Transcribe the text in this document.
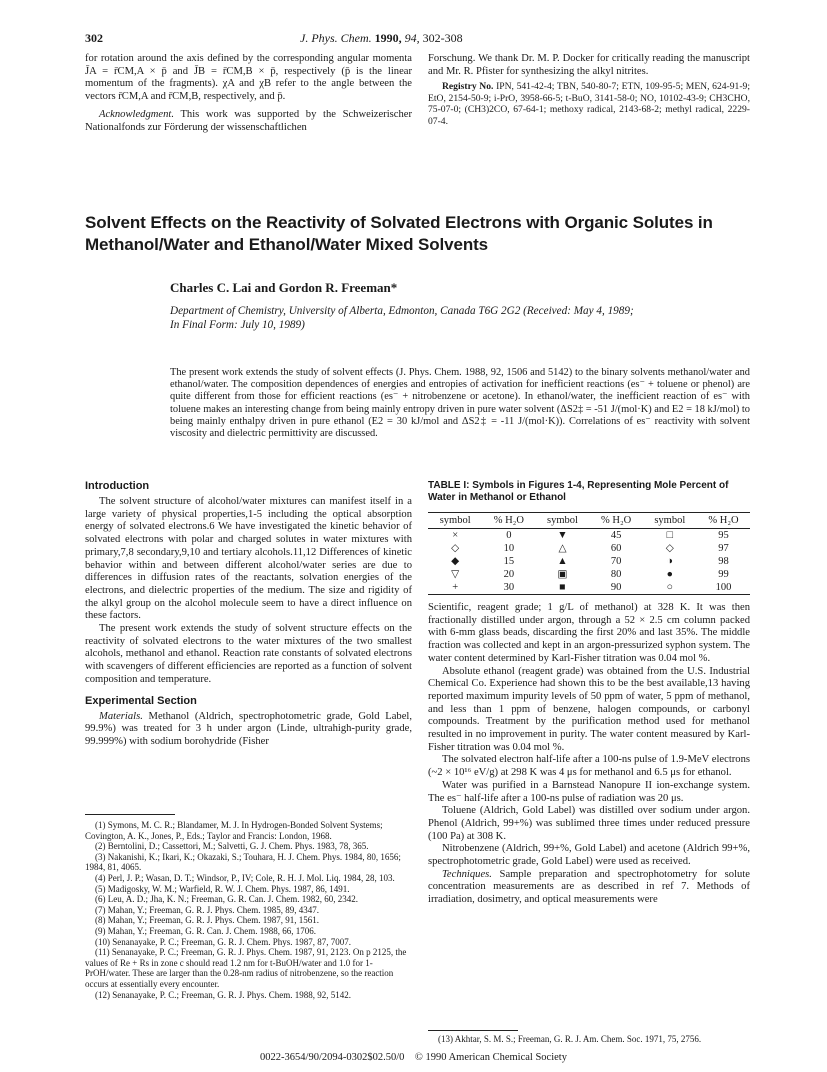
302	J. Phys. Chem. 1990, 94, 302-308

for rotation around the axis defined by the corresponding angular momenta J̄A = r̄CM,A × p̄ and J̄B = r̄CM,B × p̄, respectively (p̄ is the linear momentum of the fragments). χA and χB refer to the angle between the vectors r̄CM,A and r̄CM,B, respectively, and p̄.

Acknowledgment. This work was supported by the Schweizerischer Nationalfonds zur Förderung der wissenschaftlichen

Forschung. We thank Dr. M. P. Docker for critically reading the manuscript and Mr. R. Pfister for synthesizing the alkyl nitrites.

Registry No. IPN, 541-42-4; TBN, 540-80-7; ETN, 109-95-5; MEN, 624-91-9; EtO, 2154-50-9; i-PrO, 3958-66-5; t-BuO, 3141-58-0; NO, 10102-43-9; CH3CHO, 75-07-0; (CH3)2CO, 67-64-1; methoxy radical, 2143-68-2; methyl radical, 2229-07-4.

Solvent Effects on the Reactivity of Solvated Electrons with Organic Solutes in Methanol/Water and Ethanol/Water Mixed Solvents
Charles C. Lai and Gordon R. Freeman*
Department of Chemistry, University of Alberta, Edmonton, Canada T6G 2G2 (Received: May 4, 1989;
In Final Form: July 10, 1989)

The present work extends the study of solvent effects (J. Phys. Chem. 1988, 92, 1506 and 5142) to the binary solvents methanol/water and ethanol/water. The composition dependences of energies and entropies of activation for inefficient reactions (es⁻ + toluene or phenol) are quite different from those for efficient reactions (es⁻ + nitrobenzene or acetone). In ethanol/water, the inefficient reaction of es⁻ with toluene makes an interesting change from being mainly entropy driven in pure water solvent (ΔS2‡ = -51 J/(mol·K) and E2 = 18 kJ/mol) to being mainly enthalpy driven in pure ethanol (E2 = 30 kJ/mol and ΔS2‡ = -11 J/(mol·K)). Correlations of es⁻ reactivity with solvent viscosity and dielectric permittivity are discussed.

Introduction

The solvent structure of alcohol/water mixtures can manifest itself in a large variety of physical properties,1-5 including the optical absorption energy of solvated electrons.6 We have investigated the kinetic behavior of solvated electrons with polar and charged solutes in water mixtures with primary,7,8 secondary,9,10 and tertiary alcohols.11,12 Differences of kinetic behavior within and between different alcohol/water series are due to differences in diffusion rates of the reactants, solvation energies of the electrons, and dielectric properties of the medium. The size and rigidity of the alkyl group on the alcohol molecule seem to have a direct influence on these factors.

The present work extends the study of solvent structure effects on the reactivity of solvated electrons to the water mixtures of the two smallest alcohols, methanol and ethanol. Reaction rate constants of solvated electrons with scavengers of different efficiencies are reported as a function of solvent composition and temperature.

Experimental Section

Materials. Methanol (Aldrich, spectrophotometric grade, Gold Label, 99.9%) was treated for 3 h under argon (Linde, ultrahigh-purity grade, 99.999%) with sodium borohydride (Fisher

(1) Symons, M. C. R.; Blandamer, M. J. In Hydrogen-Bonded Solvent Systems; Covington, A. K., Jones, P., Eds.; Taylor and Francis: London, 1968.
(2) Berntolini, D.; Cassettori, M.; Salvetti, G. J. Chem. Phys. 1983, 78, 365.
(3) Nakanishi, K.; Ikari, K.; Okazaki, S.; Touhara, H. J. Chem. Phys. 1984, 80, 1656; 1984, 81, 4065.
(4) Perl, J. P.; Wasan, D. T.; Windsor, P., IV; Cole, R. H. J. Mol. Liq. 1984, 28, 103.
(5) Madigosky, W. M.; Warfield, R. W. J. Chem. Phys. 1987, 86, 1491.
(6) Leu, A. D.; Jha, K. N.; Freeman, G. R. Can. J. Chem. 1982, 60, 2342.
(7) Mahan, Y.; Freeman, G. R. J. Phys. Chem. 1985, 89, 4347.
(8) Mahan, Y.; Freeman, G. R. J. Phys. Chem. 1987, 91, 1561.
(9) Mahan, Y.; Freeman, G. R. Can. J. Chem. 1988, 66, 1706.
(10) Senanayake, P. C.; Freeman, G. R. J. Chem. Phys. 1987, 87, 7007.
(11) Senanayake, P. C.; Freeman, G. R. J. Phys. Chem. 1987, 91, 2123. On p 2125, the values of Re + Rs in zone c should read 1.2 nm for t-BuOH/water and 1.0 for 1-PrOH/water. These are larger than the 0.28-nm radius of nitrobenzene, so the reaction occurs at essentially every encounter.
(12) Senanayake, P. C.; Freeman, G. R. J. Phys. Chem. 1988, 92, 5142.
TABLE I: Symbols in Figures 1-4, Representing Mole Percent of Water in Methanol or Ethanol
symbol	% H₂O	symbol	% H₂O	symbol	% H₂O
×	0	▼	45	□	95
◇	10	△	60	◇	97
◆	15	▲	70	◑	98
▽	20	▣	80	●	99
+	30	■	90	○	100

Scientific, reagent grade; 1 g/L of methanol) at 328 K. It was then fractionally distilled under argon, through a 52 × 2.5 cm column packed with 6-mm glass beads, discarding the first 20% and last 35%. The middle fraction was collected and kept in an argon-pressurized syphon system. The water content determined by Karl-Fisher titration was 0.04 mol %.

Absolute ethanol (reagent grade) was obtained from the U.S. Industrial Chemical Co. Experience had shown this to be the best available,13 having reported maximum impurity levels of 50 ppm of water, 5 ppm of methanol, and less than 1 ppm of benzene, halogen compounds, or carbonyl compounds. Treatment by the purification method used for methanol resulted in no improvement in purity. The water content measured by Karl-Fisher titration was 0.04 mol %.

The solvated electron half-life after a 100-ns pulse of 1.9-MeV electrons (~2 × 10¹⁶ eV/g) at 298 K was 4 μs for methanol and 6.5 μs for ethanol.

Water was purified in a Barnstead Nanopure II ion-exchange system. The es⁻ half-life after a 100-ns pulse of radiation was 20 μs.

Toluene (Aldrich, Gold Label) was distilled over sodium under argon. Phenol (Aldrich, 99+%) was sublimed three times under reduced pressure (100 Pa) at 308 K.

Nitrobenzene (Aldrich, 99+%, Gold Label) and acetone (Aldrich 99+%, spectrophotometric grade, Gold Label) were used as received.

Techniques. Sample preparation and spectrophotometry for solute concentration measurements are as described in ref 7. Methods of irradiation, dosimetry, and optical measurements were

(13) Akhtar, S. M. S.; Freeman, G. R. J. Am. Chem. Soc. 1971, 75, 2756.
0022-3654/90/2094-0302$02.50/0 © 1990 American Chemical Society
